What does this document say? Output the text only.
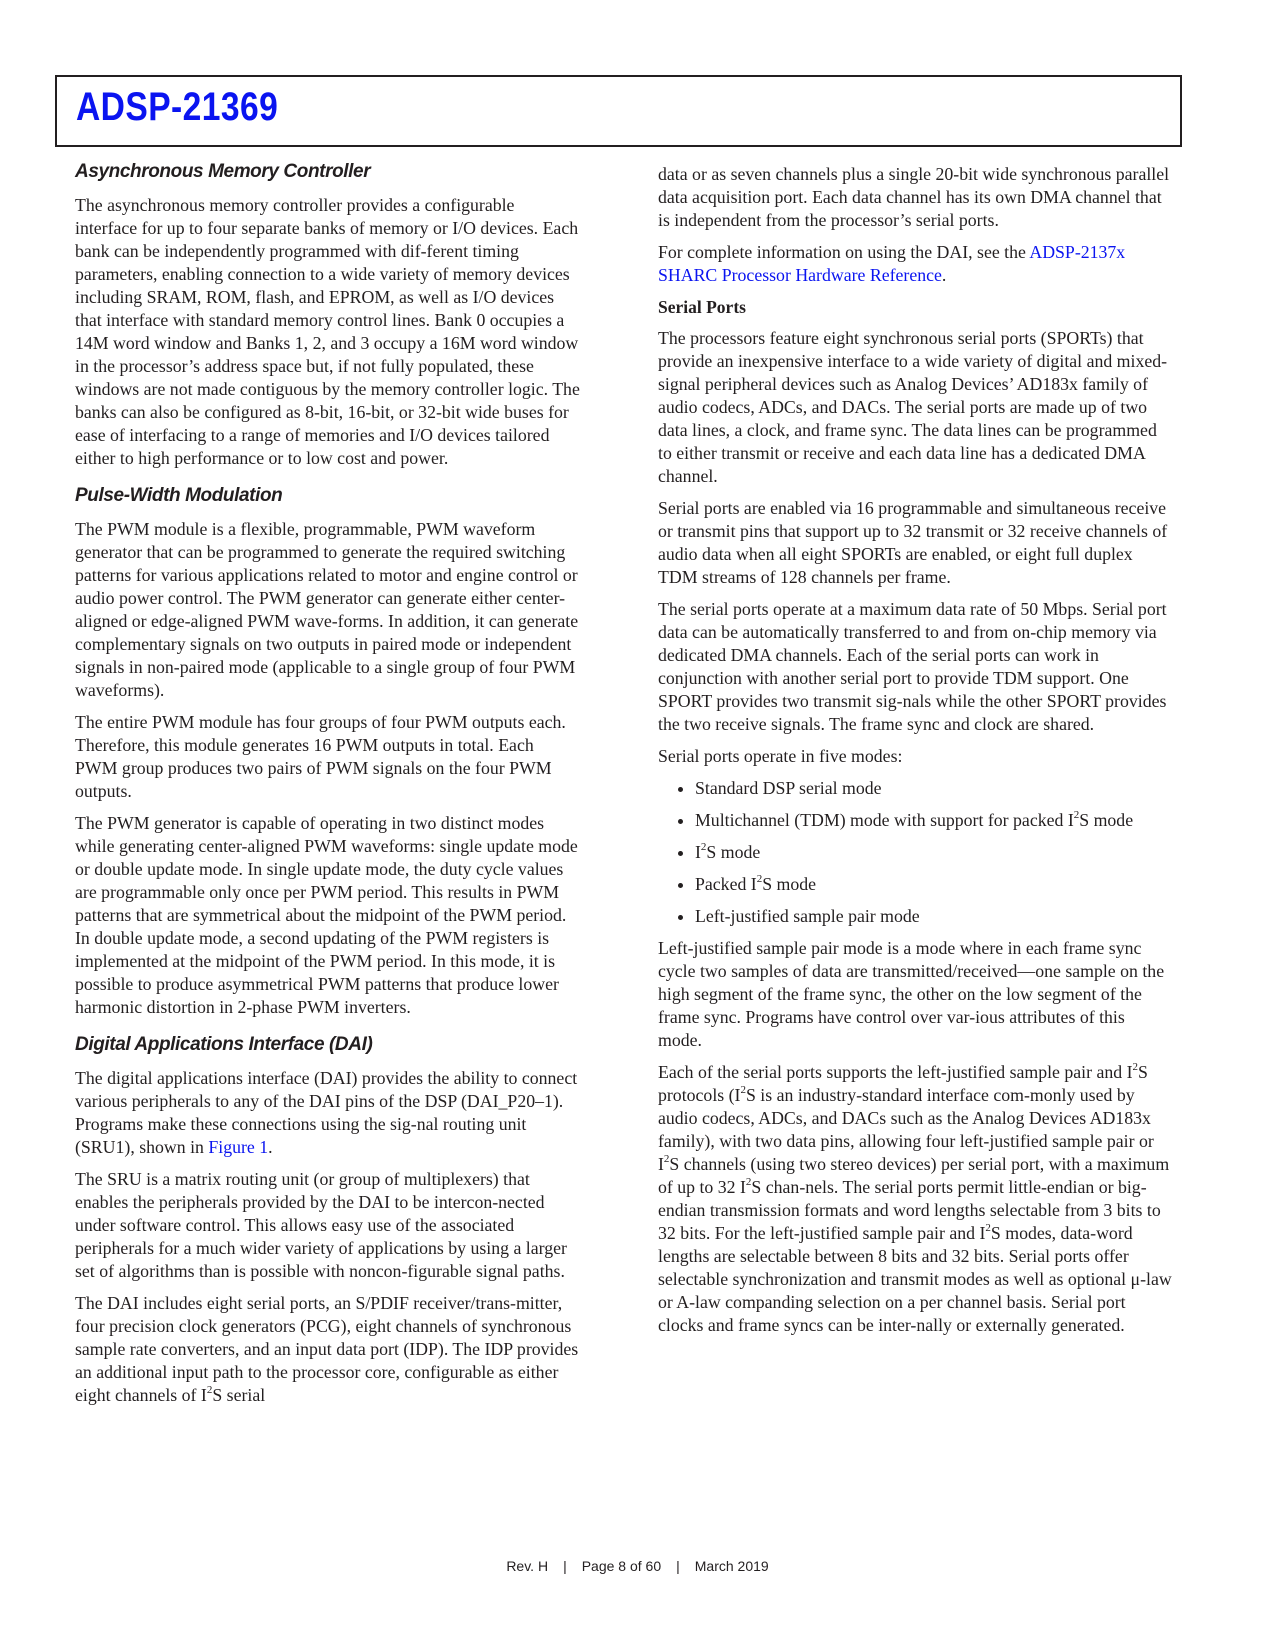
ADSP-21369
Asynchronous Memory Controller

The asynchronous memory controller provides a configurable interface for up to four separate banks of memory or I/O devices. Each bank can be independently programmed with dif-ferent timing parameters, enabling connection to a wide variety of memory devices including SRAM, ROM, flash, and EPROM, as well as I/O devices that interface with standard memory control lines. Bank 0 occupies a 14M word window and Banks 1, 2, and 3 occupy a 16M word window in the processor’s address space but, if not fully populated, these windows are not made contiguous by the memory controller logic. The banks can also be configured as 8-bit, 16-bit, or 32-bit wide buses for ease of interfacing to a range of memories and I/O devices tailored either to high performance or to low cost and power.

Pulse-Width Modulation

The PWM module is a flexible, programmable, PWM waveform generator that can be programmed to generate the required switching patterns for various applications related to motor and engine control or audio power control. The PWM generator can generate either center-aligned or edge-aligned PWM wave-forms. In addition, it can generate complementary signals on two outputs in paired mode or independent signals in non-paired mode (applicable to a single group of four PWM waveforms).

The entire PWM module has four groups of four PWM outputs each. Therefore, this module generates 16 PWM outputs in total. Each PWM group produces two pairs of PWM signals on the four PWM outputs.

The PWM generator is capable of operating in two distinct modes while generating center-aligned PWM waveforms: single update mode or double update mode. In single update mode, the duty cycle values are programmable only once per PWM period. This results in PWM patterns that are symmetrical about the midpoint of the PWM period. In double update mode, a second updating of the PWM registers is implemented at the midpoint of the PWM period. In this mode, it is possible to produce asymmetrical PWM patterns that produce lower harmonic distortion in 2-phase PWM inverters.

Digital Applications Interface (DAI)

The digital applications interface (DAI) provides the ability to connect various peripherals to any of the DAI pins of the DSP (DAI_P20–1). Programs make these connections using the sig-nal routing unit (SRU1), shown in Figure 1.

The SRU is a matrix routing unit (or group of multiplexers) that enables the peripherals provided by the DAI to be intercon-nected under software control. This allows easy use of the associated peripherals for a much wider variety of applications by using a larger set of algorithms than is possible with noncon-figurable signal paths.

The DAI includes eight serial ports, an S/PDIF receiver/trans-mitter, four precision clock generators (PCG), eight channels of synchronous sample rate converters, and an input data port (IDP). The IDP provides an additional input path to the processor core, configurable as either eight channels of $I^2S$ serial

data or as seven channels plus a single 20-bit wide synchronous parallel data acquisition port. Each data channel has its own DMA channel that is independent from the processor’s serial ports.

For complete information on using the DAI, see the ADSP-2137x SHARC Processor Hardware Reference.

Serial Ports

The processors feature eight synchronous serial ports (SPORTs) that provide an inexpensive interface to a wide variety of digital and mixed-signal peripheral devices such as Analog Devices’ AD183x family of audio codecs, ADCs, and DACs. The serial ports are made up of two data lines, a clock, and frame sync. The data lines can be programmed to either transmit or receive and each data line has a dedicated DMA channel.

Serial ports are enabled via 16 programmable and simultaneous receive or transmit pins that support up to 32 transmit or 32 receive channels of audio data when all eight SPORTs are enabled, or eight full duplex TDM streams of 128 channels per frame.

The serial ports operate at a maximum data rate of 50 Mbps. Serial port data can be automatically transferred to and from on-chip memory via dedicated DMA channels. Each of the serial ports can work in conjunction with another serial port to provide TDM support. One SPORT provides two transmit sig-nals while the other SPORT provides the two receive signals. The frame sync and clock are shared.

Serial ports operate in five modes:

• Standard DSP serial mode
• Multichannel (TDM) mode with support for packed $I^2S$ mode
• $I^2S$ mode
• Packed $I^2S$ mode
• Left-justified sample pair mode

Left-justified sample pair mode is a mode where in each frame sync cycle two samples of data are transmitted/received—one sample on the high segment of the frame sync, the other on the low segment of the frame sync. Programs have control over var-ious attributes of this mode.

Each of the serial ports supports the left-justified sample pair and $I^2S$ protocols ($I^2S$ is an industry-standard interface com-monly used by audio codecs, ADCs, and DACs such as the Analog Devices AD183x family), with two data pins, allowing four left-justified sample pair or $I^2S$ channels (using two stereo devices) per serial port, with a maximum of up to 32 $I^2S$ chan-nels. The serial ports permit little-endian or big-endian transmission formats and word lengths selectable from 3 bits to 32 bits. For the left-justified sample pair and $I^2S$ modes, data-word lengths are selectable between 8 bits and 32 bits. Serial ports offer selectable synchronization and transmit modes as well as optional μ-law or A-law companding selection on a per channel basis. Serial port clocks and frame syncs can be inter-nally or externally generated.

Rev. H | Page 8 of 60 | March 2019
